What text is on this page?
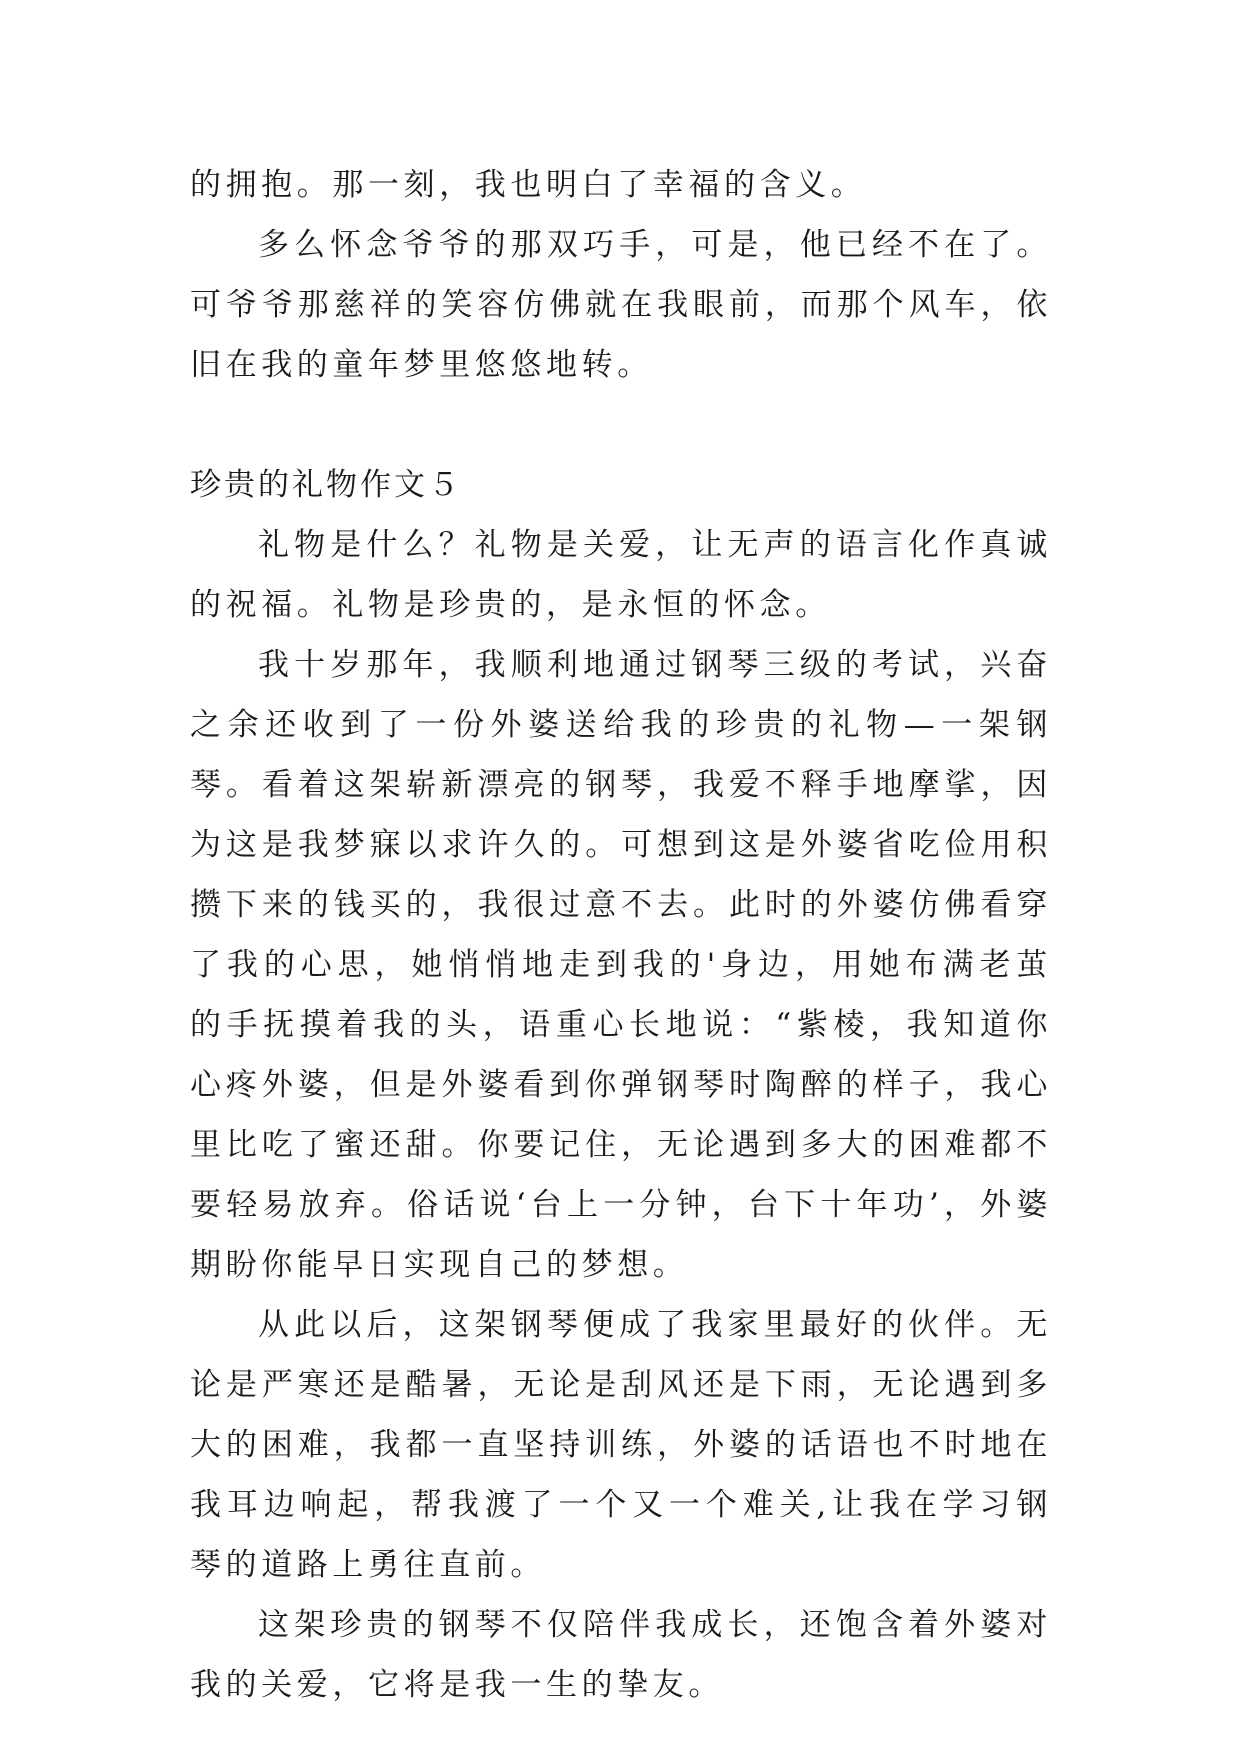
的拥抱。那一刻，我也明白了幸福的含义。

多么怀念爷爷的那双巧手，可是，他已经不在了。可爷爷那慈祥的笑容仿佛就在我眼前，而那个风车，依旧在我的童年梦里悠悠地转。

珍贵的礼物作文５

礼物是什么？礼物是关爱，让无声的语言化作真诚的祝福。礼物是珍贵的，是永恒的怀念。

我十岁那年，我顺利地通过钢琴三级的考试，兴奋之余还收到了一份外婆送给我的珍贵的礼物—一架钢琴。看着这架崭新漂亮的钢琴，我爱不释手地摩挲，因为这是我梦寐以求许久的。可想到这是外婆省吃俭用积攒下来的钱买的，我很过意不去。此时的外婆仿佛看穿了我的心思，她悄悄地走到我的'身边，用她布满老茧的手抚摸着我的头，语重心长地说：“紫棱，我知道你心疼外婆，但是外婆看到你弹钢琴时陶醉的样子，我心里比吃了蜜还甜。你要记住，无论遇到多大的困难都不要轻易放弃。俗话说‘台上一分钟，台下十年功’，外婆期盼你能早日实现自己的梦想。

从此以后，这架钢琴便成了我家里最好的伙伴。无论是严寒还是酷暑，无论是刮风还是下雨，无论遇到多大的困难，我都一直坚持训练，外婆的话语也不时地在我耳边响起，帮我渡了一个又一个难关,让我在学习钢琴的道路上勇往直前。

这架珍贵的钢琴不仅陪伴我成长，还饱含着外婆对我的关爱，它将是我一生的挚友。
